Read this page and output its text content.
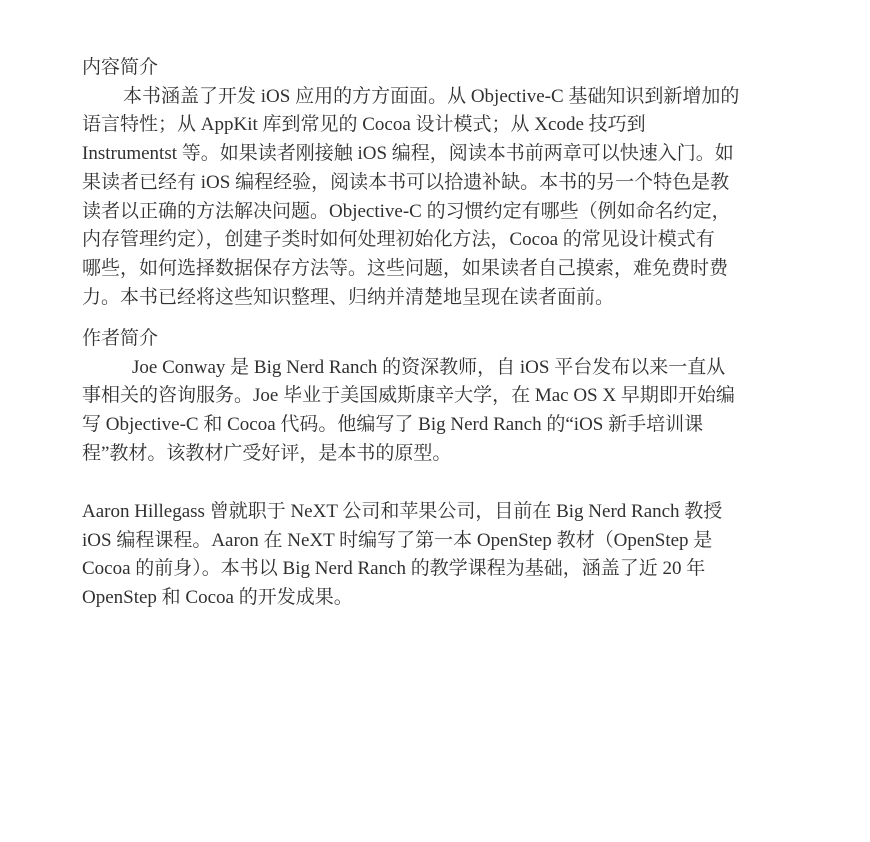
内容简介
本书涵盖了开发 iOS 应用的方方面面。从 Objective-C 基础知识到新增加的
语言特性；从 AppKit 库到常见的 Cocoa 设计模式；从 Xcode 技巧到
Instrumentst 等。如果读者刚接触 iOS 编程，阅读本书前两章可以快速入门。如
果读者已经有 iOS 编程经验，阅读本书可以拾遗补缺。本书的另一个特色是教
读者以正确的方法解决问题。Objective-C 的习惯约定有哪些（例如命名约定，
内存管理约定），创建子类时如何处理初始化方法，Cocoa 的常见设计模式有
哪些，如何选择数据保存方法等。这些问题，如果读者自己摸索，难免费时费
力。本书已经将这些知识整理、归纳并清楚地呈现在读者面前。
作者简介
Joe Conway 是 Big Nerd Ranch 的资深教师，自 iOS 平台发布以来一直从
事相关的咨询服务。Joe 毕业于美国威斯康辛大学，在 Mac OS X 早期即开始编
写 Objective-C 和 Cocoa 代码。他编写了 Big Nerd Ranch 的“iOS 新手培训课
程”教材。该教材广受好评，是本书的原型。
Aaron Hillegass 曾就职于 NeXT 公司和苹果公司，目前在 Big Nerd Ranch 教授
iOS 编程课程。Aaron 在 NeXT 时编写了第一本 OpenStep 教材（OpenStep 是
Cocoa 的前身）。本书以 Big Nerd Ranch 的教学课程为基础，涵盖了近 20 年
OpenStep 和 Cocoa 的开发成果。
